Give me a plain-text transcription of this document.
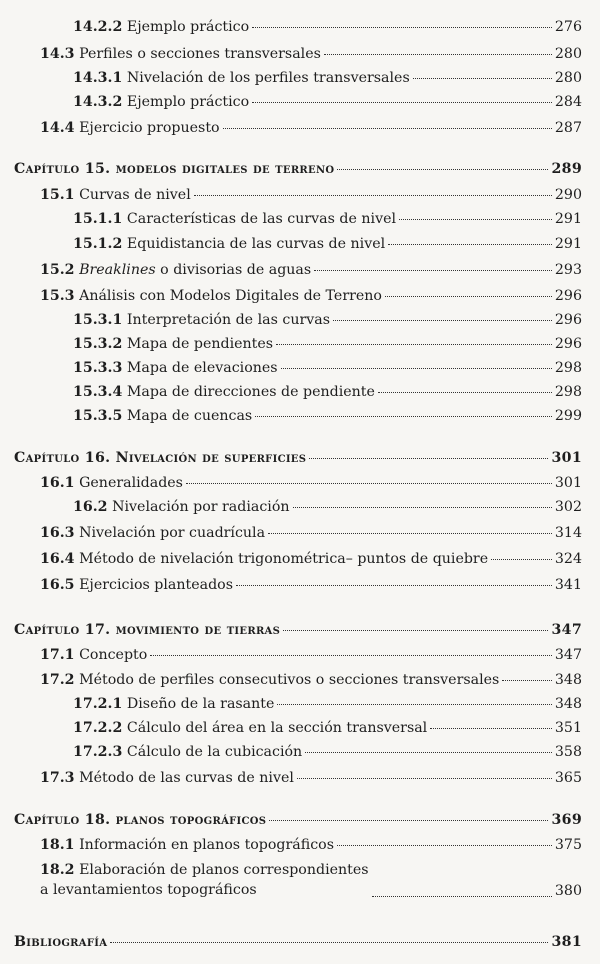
14.2.2 Ejemplo práctico	276
14.3 Perfiles o secciones transversales	280
14.3.1 Nivelación de los perfiles transversales	280
14.3.2 Ejemplo práctico	284
14.4 Ejercicio propuesto	287
Capítulo 15. modelos digitales de terreno	289
15.1 Curvas de nivel	290
15.1.1 Características de las curvas de nivel	291
15.1.2 Equidistancia de las curvas de nivel	291
15.2 Breaklines o divisorias de aguas	293
15.3 Análisis con Modelos Digitales de Terreno	296
15.3.1 Interpretación de las curvas	296
15.3.2 Mapa de pendientes	296
15.3.3 Mapa de elevaciones	298
15.3.4 Mapa de direcciones de pendiente	298
15.3.5 Mapa de cuencas	299
Capítulo 16. Nivelación de superficies	301
16.1 Generalidades	301
16.2 Nivelación por radiación	302
16.3 Nivelación por cuadrícula	314
16.4 Método de nivelación trigonométrica– puntos de quiebre	324
16.5 Ejercicios planteados	341
Capítulo 17. movimiento de tierras	347
17.1 Concepto	347
17.2 Método de perfiles consecutivos o secciones transversales	348
17.2.1 Diseño de la rasante	348
17.2.2 Cálculo del área en la sección transversal	351
17.2.3 Cálculo de la cubicación	358
17.3 Método de las curvas de nivel	365
Capítulo 18. planos topográficos	369
18.1 Información en planos topográficos	375
18.2 Elaboración de planos correspondientes
a levantamientos topográficos	380
Bibliografía	381
